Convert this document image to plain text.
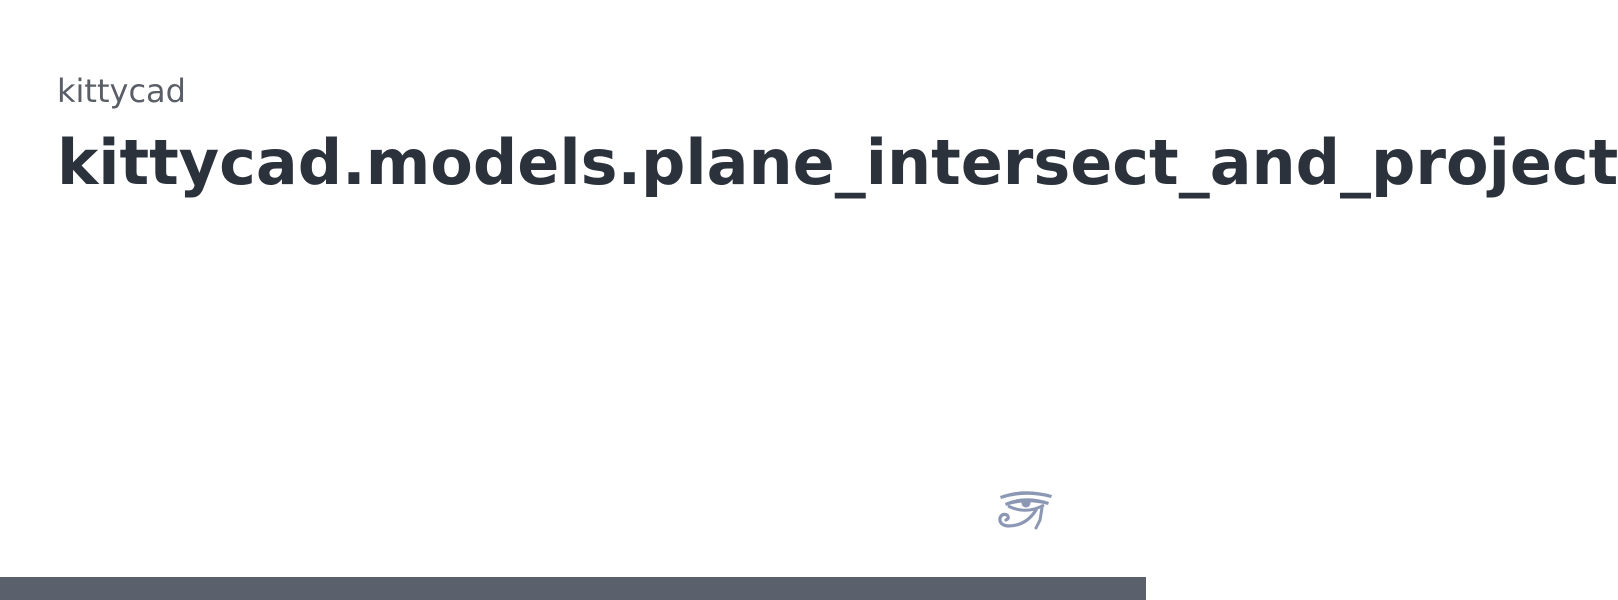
kittycad

kittycad.models.plane_intersect_and_project
